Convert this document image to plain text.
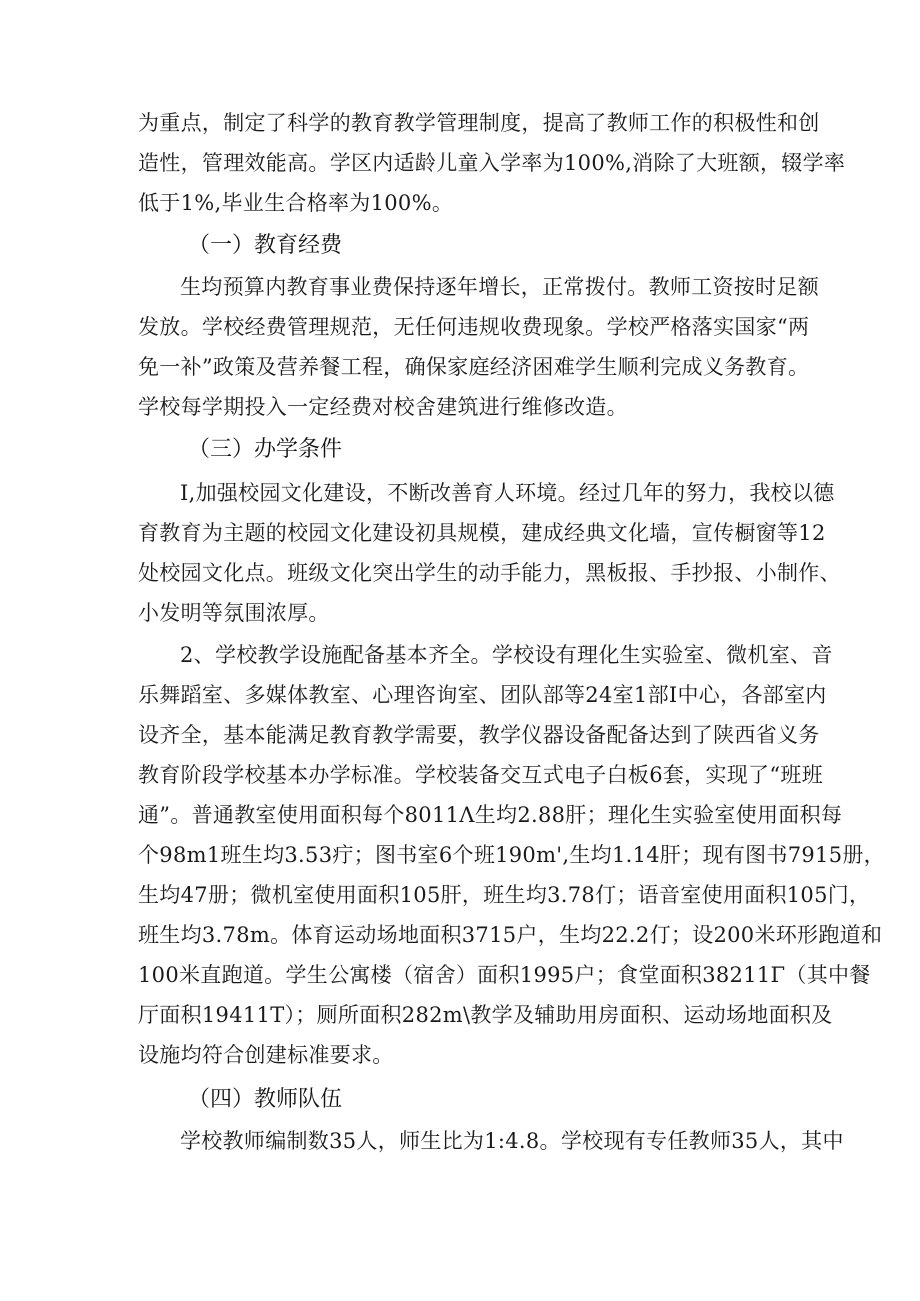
为重点，制定了科学的教育教学管理制度，提高了教师工作的积极性和创
造性，管理效能高。学区内适龄儿童入学率为100%,消除了大班额，辍学率
低于1%,毕业生合格率为100%。
（一）教育经费
生均预算内教育事业费保持逐年增长，正常拨付。教师工资按时足额
发放。学校经费管理规范，无任何违规收费现象。学校严格落实国家“两
免一补”政策及营养餐工程，确保家庭经济困难学生顺利完成义务教育。
学校每学期投入一定经费对校舍建筑进行维修改造。
（三）办学条件
I,加强校园文化建设，不断改善育人环境。经过几年的努力，我校以德
育教育为主题的校园文化建设初具规模，建成经典文化墙，宣传橱窗等12
处校园文化点。班级文化突出学生的动手能力，黑板报、手抄报、小制作、
小发明等氛围浓厚。
2、学校教学设施配备基本齐全。学校设有理化生实验室、微机室、音
乐舞蹈室、多媒体教室、心理咨询室、团队部等24室1部I中心，各部室内
设齐全，基本能满足教育教学需要，教学仪器设备配备达到了陕西省义务
教育阶段学校基本办学标准。学校装备交互式电子白板6套，实现了“班班
通”。普通教室使用面积每个8011Λ生均2.88肝；理化生实验室使用面积每
个98m1班生均3.53疔；图书室6个班190m',生均1.14肝；现有图书7915册，
生均47册；微机室使用面积105肝，班生均3.78仃；语音室使用面积105门，
班生均3.78m。体育运动场地面积3715户，生均22.2仃；设200米环形跑道和
100米直跑道。学生公寓楼（宿舍）面积1995户；食堂面积38211Γ（其中餐
厅面积19411T）；厕所面积282m\教学及辅助用房面积、运动场地面积及
设施均符合创建标准要求。
（四）教师队伍
学校教师编制数35人，师生比为1:4.8。学校现有专任教师35人，其中
